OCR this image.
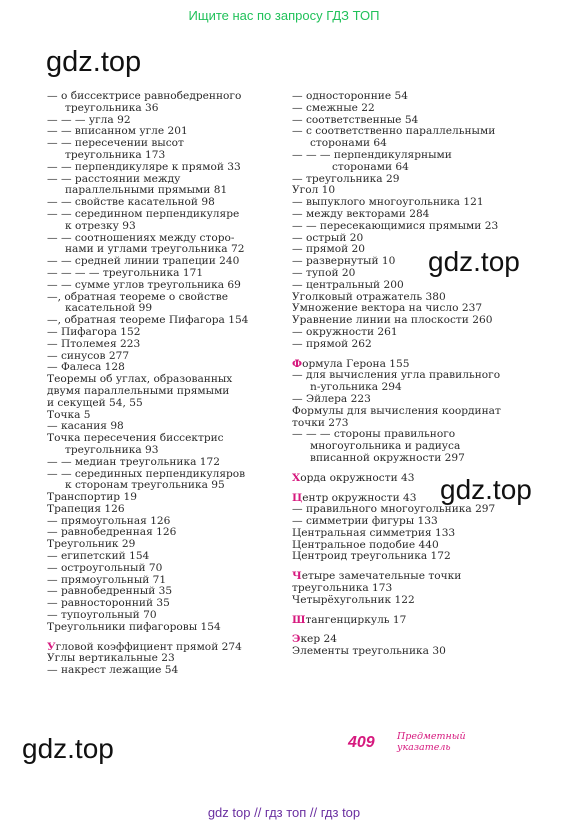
Ищите нас по запросу ГДЗ ТОП
gdz.top
gdz.top
gdz.top
gdz.top
— о биссектрисе равнобедренного
треугольника 36
— — — угла 92
— — вписанном угле 201
— — пересечении высот
треугольника 173
— — перпендикуляре к прямой 33
— — расстоянии между
параллельными прямыми 81
— — свойстве касательной 98
— — серединном перпендикуляре
к отрезку 93
— — соотношениях между сторо-
нами и углами треугольника 72
— — средней линии трапеции 240
— — — — треугольника 171
— — сумме углов треугольника 69
—, обратная теореме о свойстве
касательной 99
—, обратная теореме Пифагора 154
— Пифагора 152
— Птолемея 223
— синусов 277
— Фалеса 128
Теоремы об углах, образованных
двумя параллельными прямыми
и секущей 54, 55
Точка 5
— касания 98
Точка пересечения биссектрис
треугольника 93
— — медиан треугольника 172
— — серединных перпендикуляров
к сторонам треугольника 95
Транспортир 19
Трапеция 126
— прямоугольная 126
— равнобедренная 126
Треугольник 29
— египетский 154
— остроугольный 70
— прямоугольный 71
— равнобедренный 35
— равносторонний 35
— тупоугольный 70
Треугольники пифагоровы 154
Угловой коэффициент прямой 274
Углы вертикальные 23
— накрест лежащие 54
— односторонние 54
— смежные 22
— соответственные 54
— с соответственно параллельными
сторонами 64
— — — перпендикулярными
сторонами 64
— треугольника 29
Угол 10
— выпуклого многоугольника 121
— между векторами 284
— — пересекающимися прямыми 23
— острый 20
— прямой 20
— развернутый 10
— тупой 20
— центральный 200
Уголковый отражатель 380
Умножение вектора на число 237
Уравнение линии на плоскости 260
— окружности 261
— прямой 262
Формула Герона 155
— для вычисления угла правильного
n-угольника 294
— Эйлера 223
Формулы для вычисления координат
точки 273
— — — стороны правильного
многоугольника и радиуса
вписанной окружности 297
Хорда окружности 43
Центр окружности 43
— правильного многоугольника 297
— симметрии фигуры 133
Центральная симметрия 133
Центральное подобие 440
Центроид треугольника 172
Четыре замечательные точки
треугольника 173
Четырёхугольник 122
Штангенциркуль 17
Экер 24
Элементы треугольника 30
409 Предметный
указатель
gdz top // гдз топ // гдз top
